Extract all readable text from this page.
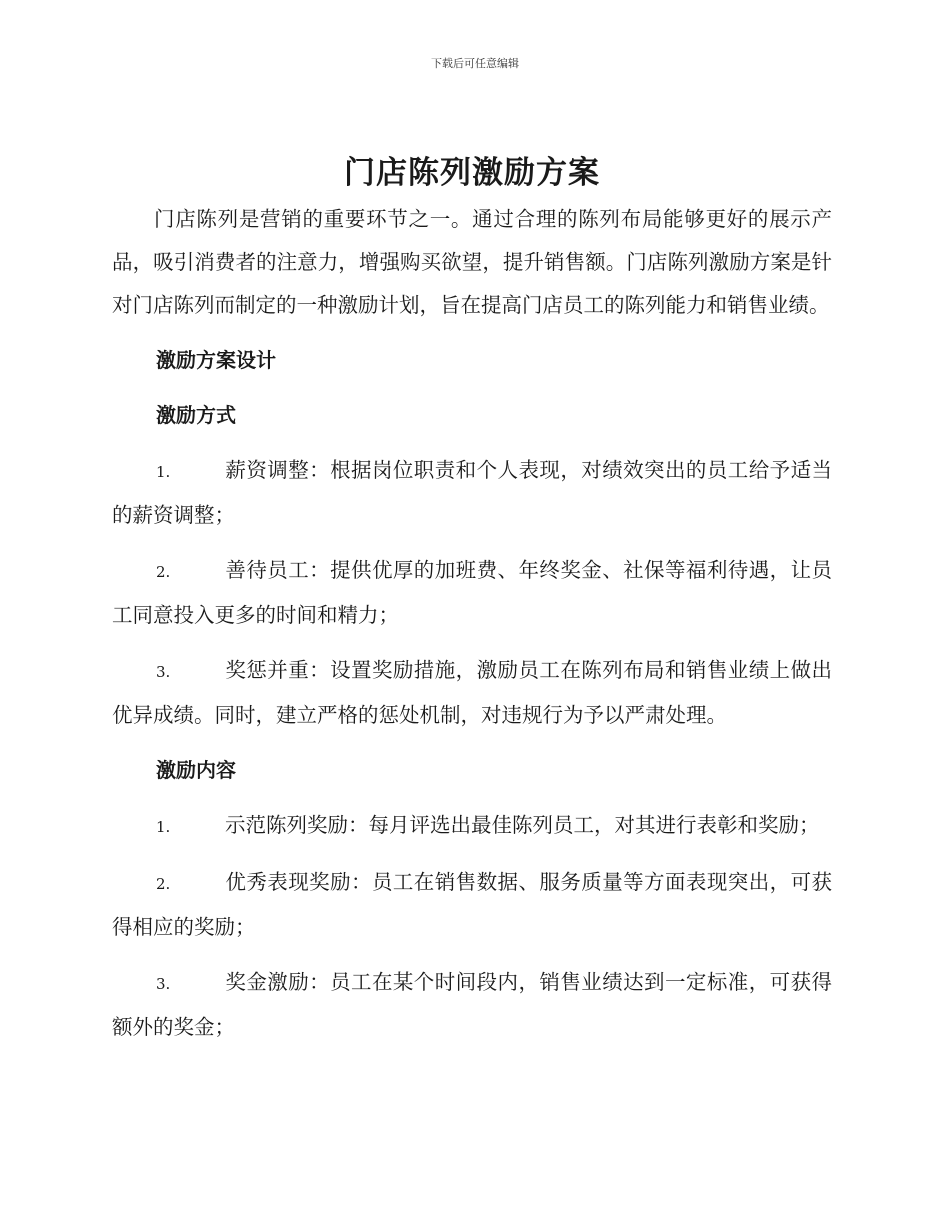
下载后可任意编辑
门店陈列激励方案

门店陈列是营销的重要环节之一。通过合理的陈列布局能够更好的展示产品，吸引消费者的注意力，增强购买欲望，提升销售额。门店陈列激励方案是针对门店陈列而制定的一种激励计划，旨在提高门店员工的陈列能力和销售业绩。

激励方案设计

激励方式

1.	薪资调整：根据岗位职责和个人表现，对绩效突出的员工给予适当的薪资调整；

2.	善待员工：提供优厚的加班费、年终奖金、社保等福利待遇，让员工同意投入更多的时间和精力；

3.	奖惩并重：设置奖励措施，激励员工在陈列布局和销售业绩上做出优异成绩。同时，建立严格的惩处机制，对违规行为予以严肃处理。

激励内容

1.	示范陈列奖励：每月评选出最佳陈列员工，对其进行表彰和奖励；

2.	优秀表现奖励：员工在销售数据、服务质量等方面表现突出，可获得相应的奖励；

3.	奖金激励：员工在某个时间段内，销售业绩达到一定标准，可获得额外的奖金；
